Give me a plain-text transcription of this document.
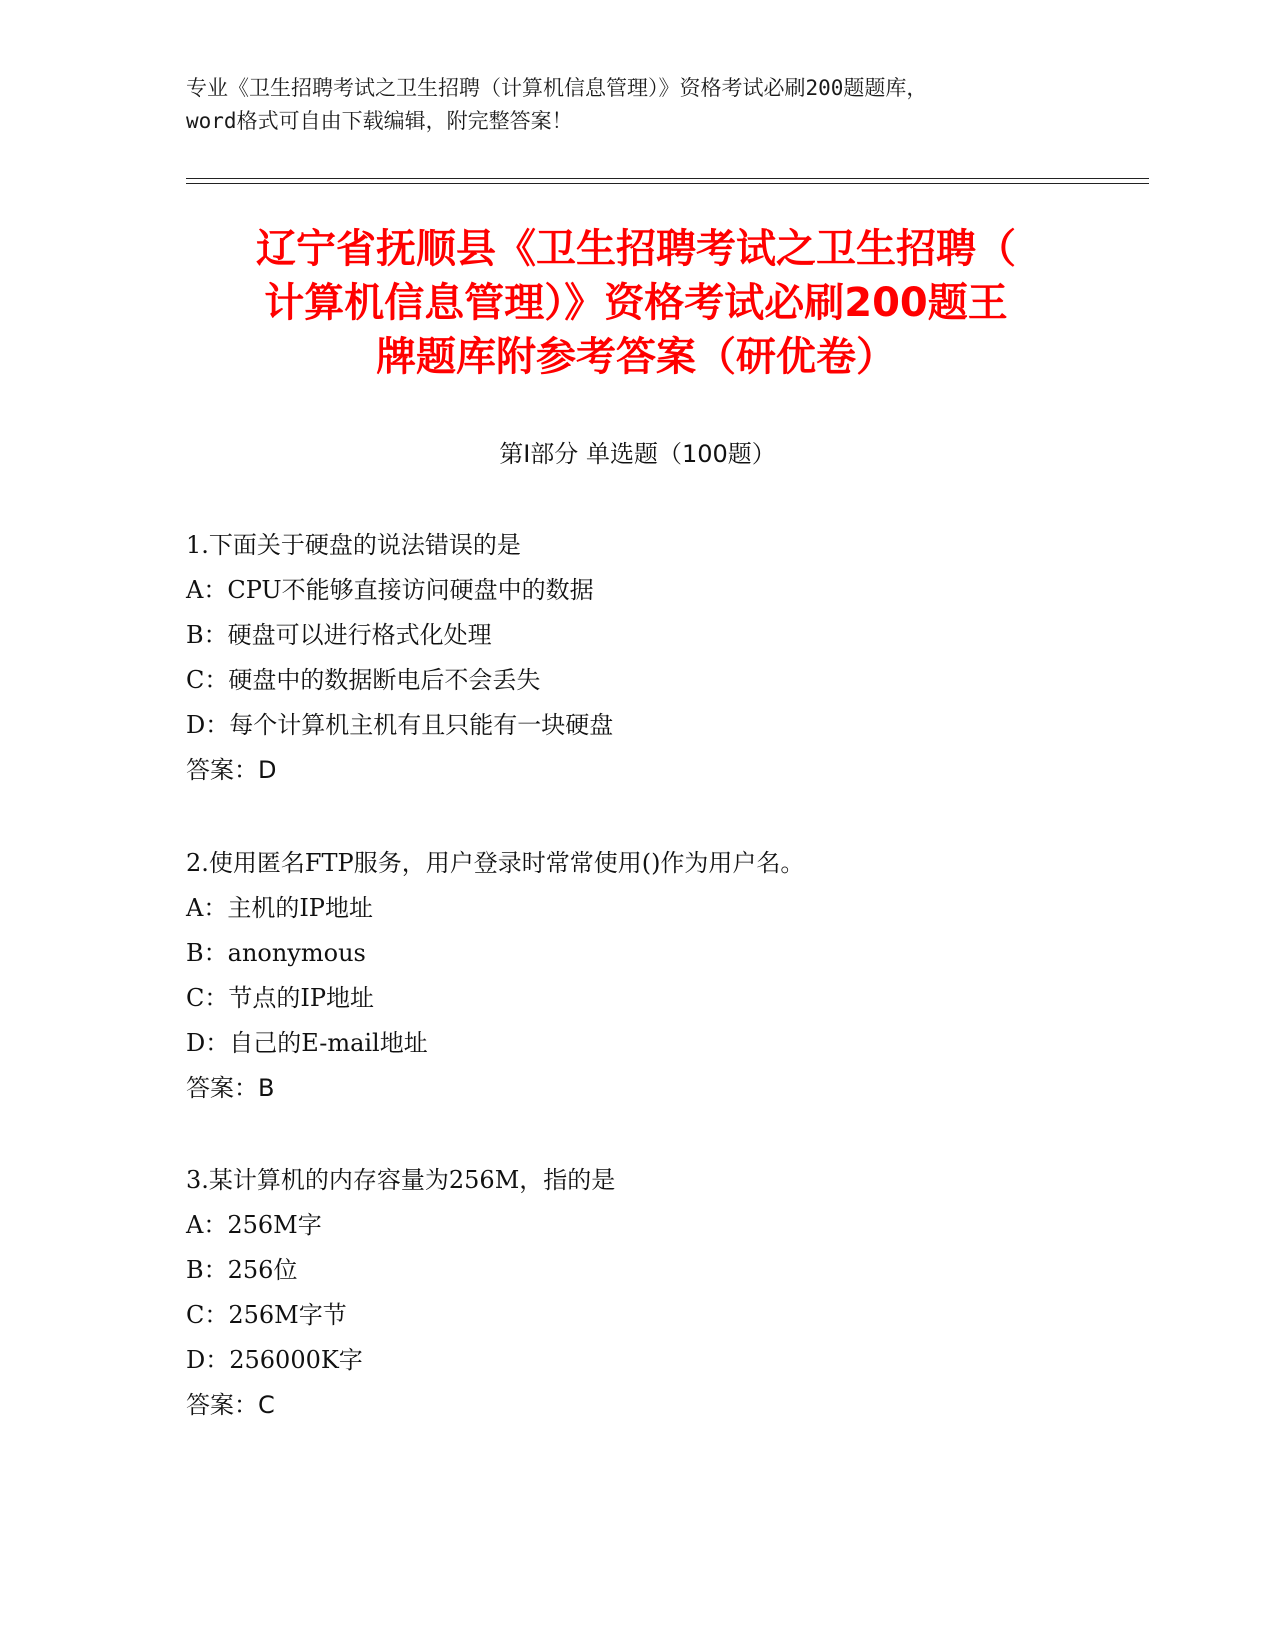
专业《卫生招聘考试之卫生招聘（计算机信息管理）》资格考试必刷200题题库，
word格式可自由下载编辑，附完整答案！
辽宁省抚顺县《卫生招聘考试之卫生招聘（
计算机信息管理）》资格考试必刷200题王
牌题库附参考答案（研优卷）
第I部分 单选题（100题）
1.下面关于硬盘的说法错误的是
A：CPU不能够直接访问硬盘中的数据
B：硬盘可以进行格式化处理
C：硬盘中的数据断电后不会丢失
D：每个计算机主机有且只能有一块硬盘
答案：D
2.使用匿名FTP服务，用户登录时常常使用()作为用户名。
A：主机的IP地址
B：anonymous
C：节点的IP地址
D：自己的E-mail地址
答案：B
3.某计算机的内存容量为256M，指的是
A：256M字
B：256位
C：256M字节
D：256000K字
答案：C
